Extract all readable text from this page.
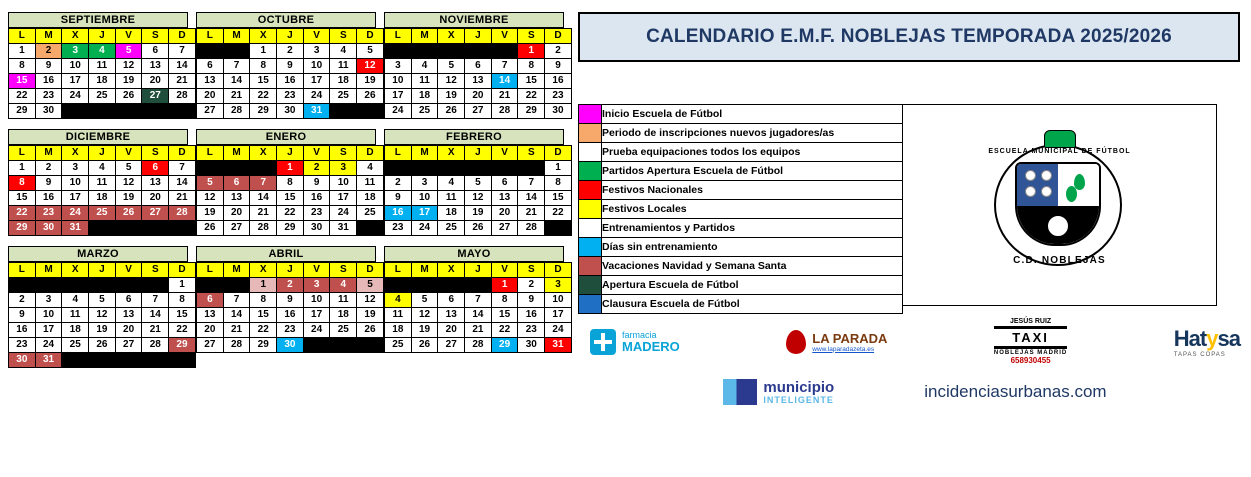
SEPTIEMBRE
L	M	X	J	V	S	D
1	2	3	4	5	6	7
8	9	10	11	12	13	14
15	16	17	18	19	20	21
22	23	24	25	26	27	28
29	30					
OCTUBRE
L	M	X	J	V	S	D
		1	2	3	4	5
6	7	8	9	10	11	12
13	14	15	16	17	18	19
20	21	22	23	24	25	26
27	28	29	30	31		
NOVIEMBRE
L	M	X	J	V	S	D
					1	2
3	4	5	6	7	8	9
10	11	12	13	14	15	16
17	18	19	20	21	22	23
24	25	26	27	28	29	30
DICIEMBRE
L	M	X	J	V	S	D
1	2	3	4	5	6	7
8	9	10	11	12	13	14
15	16	17	18	19	20	21
22	23	24	25	26	27	28
29	30	31				
ENERO
L	M	X	J	V	S	D
			1	2	3	4
5	6	7	8	9	10	11
12	13	14	15	16	17	18
19	20	21	22	23	24	25
26	27	28	29	30	31	
FEBRERO
L	M	X	J	V	S	D
						1
2	3	4	5	6	7	8
9	10	11	12	13	14	15
16	17	18	19	20	21	22
23	24	25	26	27	28	
MARZO
L	M	X	J	V	S	D
						1
2	3	4	5	6	7	8
9	10	11	12	13	14	15
16	17	18	19	20	21	22
23	24	25	26	27	28	29
30	31					
ABRIL
L	M	X	J	V	S	D
		1	2	3	4	5
6	7	8	9	10	11	12
13	14	15	16	17	18	19
20	21	22	23	24	25	26
27	28	29	30			
MAYO
L	M	X	J	V	S	D
				1	2	3
4	5	6	7	8	9	10
11	12	13	14	15	16	17
18	19	20	21	22	23	24
25	26	27	28	29	30	31
CALENDARIO E.M.F. NOBLEJAS TEMPORADA 2025/2026
	Inicio Escuela de Fútbol
	Periodo de inscripciones nuevos jugadores/as
	Prueba equipaciones todos los equipos
	Partidos Apertura Escuela de Fútbol
	Festivos Nacionales
	Festivos Locales
	Entrenamientos y Partidos
	Días sin entrenamiento
	Vacaciones Navidad y Semana Santa
	Apertura Escuela de Fútbol
	Clausura Escuela de Fútbol
ESCUELA MUNICIPAL DE FÚTBOL
C.D. NOBLEJAS
farmacia
MADERO
LA PARADA
www.laparadazeta.es
JESÚS RUIZ
TAXI
NOBLEJAS MADRID
658930455
Hatysa
TAPAS COPAS
municipio
INTELIGENTE	incidenciasurbanas.com
